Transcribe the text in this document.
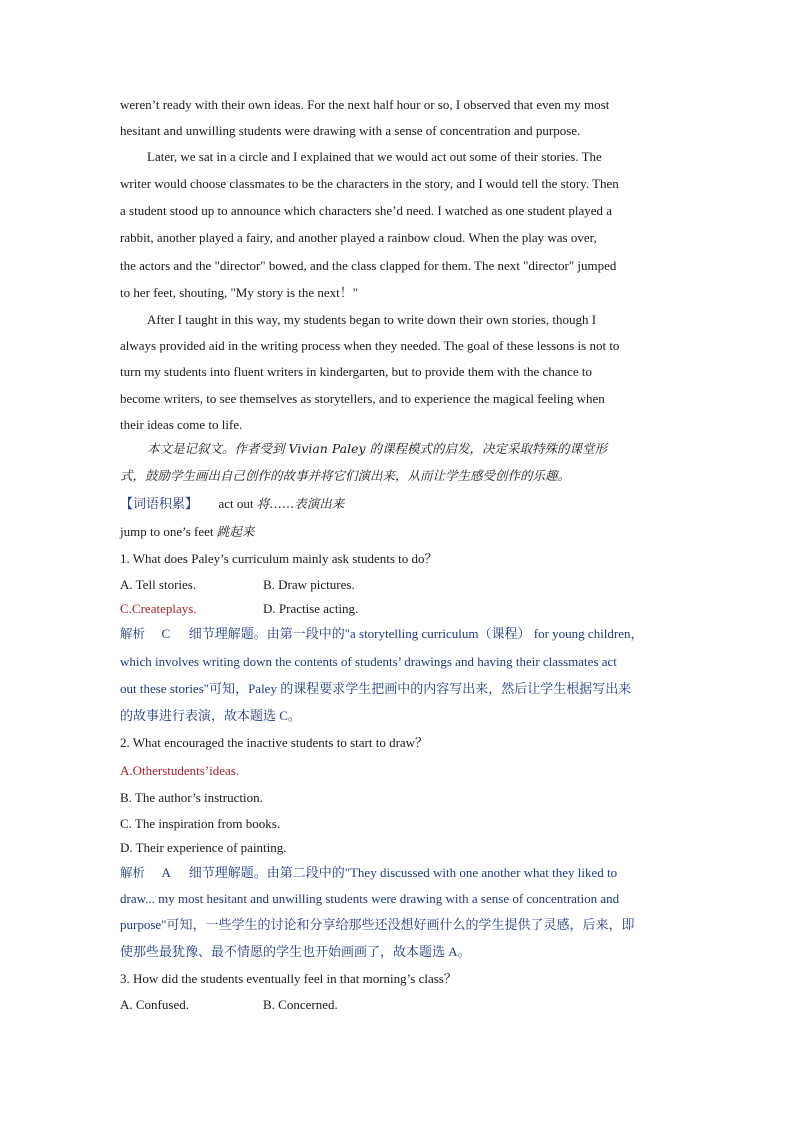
weren’t ready with their own ideas. For the next half hour or so, I observed that even my most
hesitant and unwilling students were drawing with a sense of concentration and purpose.
Later, we sat in a circle and I explained that we would act out some of their stories. The
writer would choose classmates to be the characters in the story, and I would tell the story. Then
a student stood up to announce which characters she’d need. I watched as one student played a
rabbit, another played a fairy, and another played a rainbow cloud. When the play was over,
the actors and the "director" bowed, and the class clapped for them. The next "director" jumped
to her feet, shouting, "My story is the next！"
After I taught in this way, my students began to write down their own stories, though I
always provided aid in the writing process when they needed. The goal of these lessons is not to
turn my students into fluent writers in kindergarten, but to provide them with the chance to
become writers, to see themselves as storytellers, and to experience the magical feeling when
their ideas come to life.
本文是记叙文。作者受到 Vivian Paley 的课程模式的启发，决定采取特殊的课堂形
式，鼓励学生画出自己创作的故事并将它们演出来，从而让学生感受创作的乐趣。
【词语积累】 act out 将……表演出来
jump to one’s feet 跳起来
1. What does Paley’s curriculum mainly ask students to do？
A. Tell stories.	B. Draw pictures.
C.Createplays.	D. Practise acting.
解析 C 细节理解题。由第一段中的"a storytelling curriculum（课程） for young children，
which involves writing down the contents of students’ drawings and having their classmates act
out these stories"可知，Paley 的课程要求学生把画中的内容写出来，然后让学生根据写出来
的故事进行表演，故本题选 C。
2. What encouraged the inactive students to start to draw？
A.Otherstudents’ideas.
B. The author’s instruction.
C. The inspiration from books.
D. Their experience of painting.
解析 A 细节理解题。由第二段中的"They discussed with one another what they liked to
draw... my most hesitant and unwilling students were drawing with a sense of concentration and
purpose"可知，一些学生的讨论和分享给那些还没想好画什么的学生提供了灵感，后来，即
使那些最犹豫、最不情愿的学生也开始画画了，故本题选 A。
3. How did the students eventually feel in that morning’s class？
A. Confused.	B. Concerned.
